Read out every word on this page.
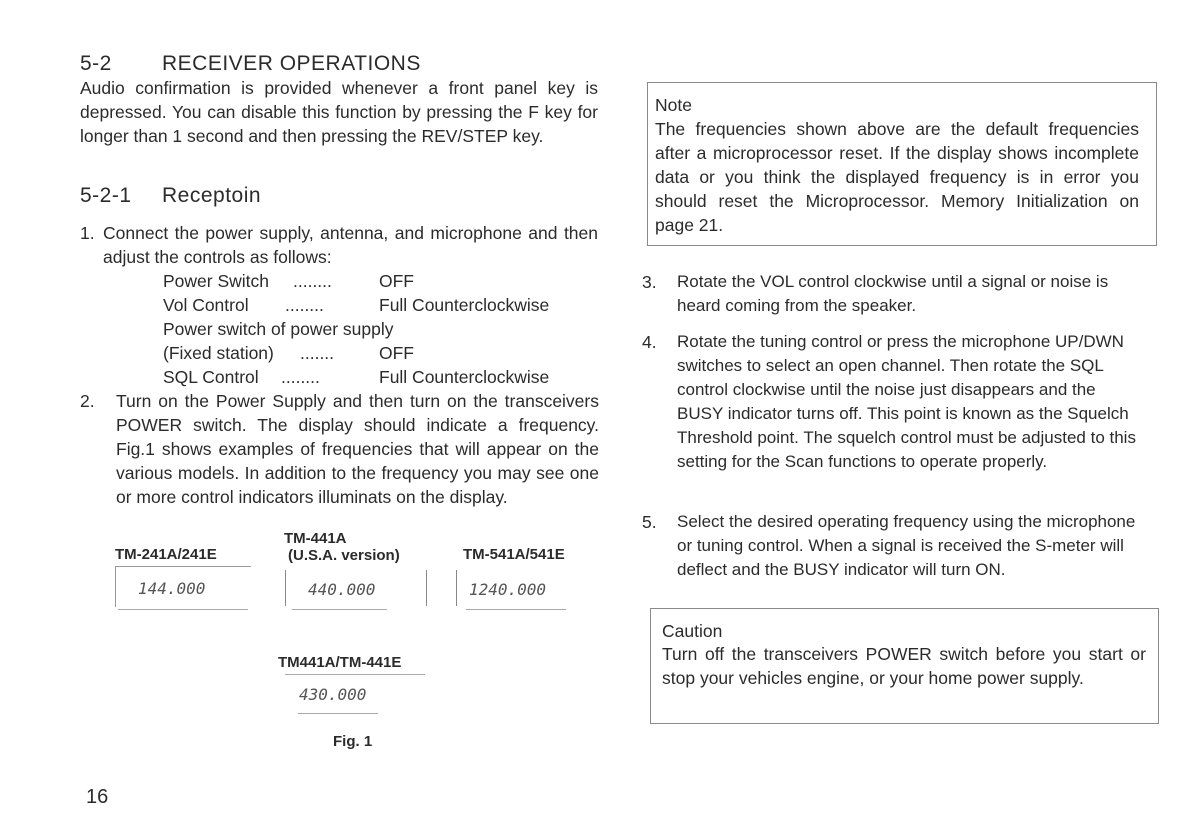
5-2 RECEIVER OPERATIONS
Audio confirmation is provided whenever a front panel key is depressed. You can disable this function by pressing the F key for longer than 1 second and then pressing the REV/STEP key.
5-2-1 Receptoin
1. Connect the power supply, antenna, and microphone and then adjust the controls as follows:
Power Switch ........	OFF
Vol Control ........	Full Counterclockwise
Power switch of power supply
(Fixed station) .......	OFF
SQL Control ........	Full Counterclockwise
2. Turn on the Power Supply and then turn on the transceivers POWER switch. The display should indicate a frequency. Fig.1 shows examples of frequencies that will appear on the various models. In addition to the frequency you may see one or more control indicators illuminats on the display.
TM-241A/241E
TM-441A
(U.S.A. version)	TM-541A/541E
144.000	440.000	1240.000
TM441A/TM-441E
430.000
Fig. 1
16
Note
The frequencies shown above are the default frequencies after a microprocessor reset. If the display shows incomplete data or you think the displayed frequency is in error you should reset the Microprocessor. Memory Initialization on page 21.
3. Rotate the VOL control clockwise until a signal or noise is heard coming from the speaker.
4. Rotate the tuning control or press the microphone UP/DWN switches to select an open channel. Then rotate the SQL control clockwise until the noise just disappears and the BUSY indicator turns off. This point is known as the Squelch Threshold point. The squelch control must be adjusted to this setting for the Scan functions to operate properly.
5. Select the desired operating frequency using the microphone or tuning control. When a signal is received the S-meter will deflect and the BUSY indicator will turn ON.
Caution
Turn off the transceivers POWER switch before you start or stop your vehicles engine, or your home power supply.
